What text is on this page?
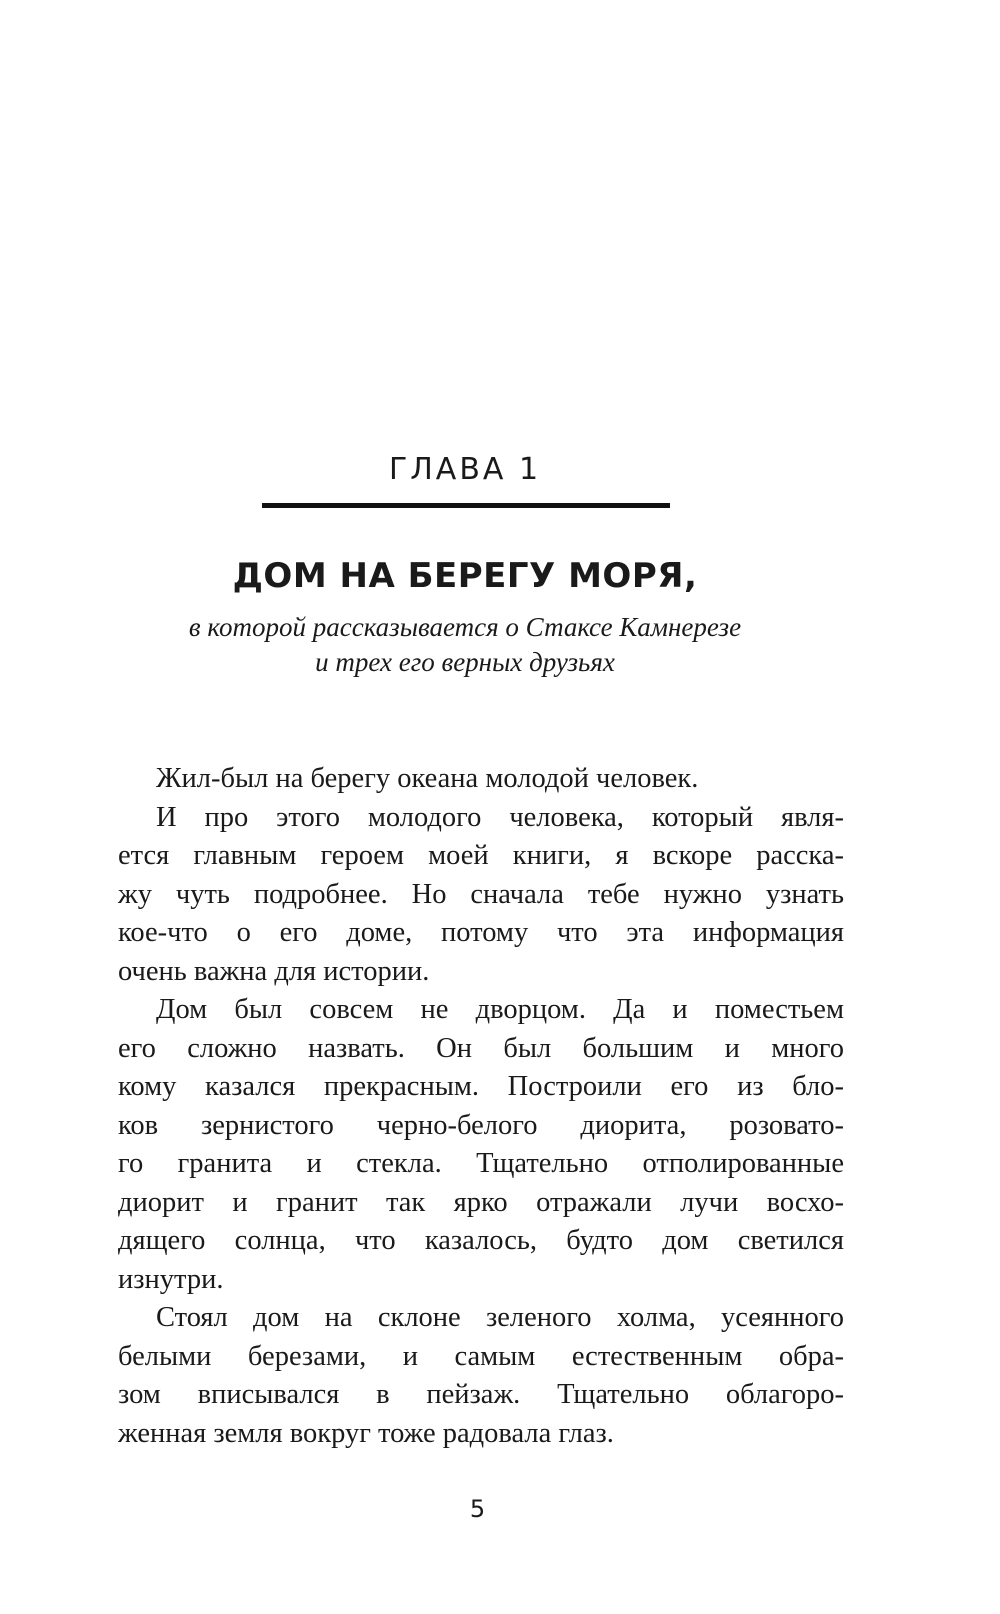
ГЛАВА 1
ДОМ НА БЕРЕГУ МОРЯ,
в которой рассказывается о Стаксе Камнерезе
и трех его верных друзьях
Жил-был на берегу океана молодой человек.
И про этого молодого человека, который явля-
ется главным героем моей книги, я вскоре расска-
жу чуть подробнее. Но сначала тебе нужно узнать
кое-что о его доме, потому что эта информация
очень важна для истории.
Дом был совсем не дворцом. Да и поместьем
его сложно назвать. Он был большим и много
кому казался прекрасным. Построили его из бло-
ков зернистого черно-белого диорита, розовато-
го гранита и стекла. Тщательно отполированные
диорит и гранит так ярко отражали лучи восхо-
дящего солнца, что казалось, будто дом светился
изнутри.
Стоял дом на склоне зеленого холма, усеянного
белыми березами, и самым естественным обра-
зом вписывался в пейзаж. Тщательно облагоро-
женная земля вокруг тоже радовала глаз.
5
